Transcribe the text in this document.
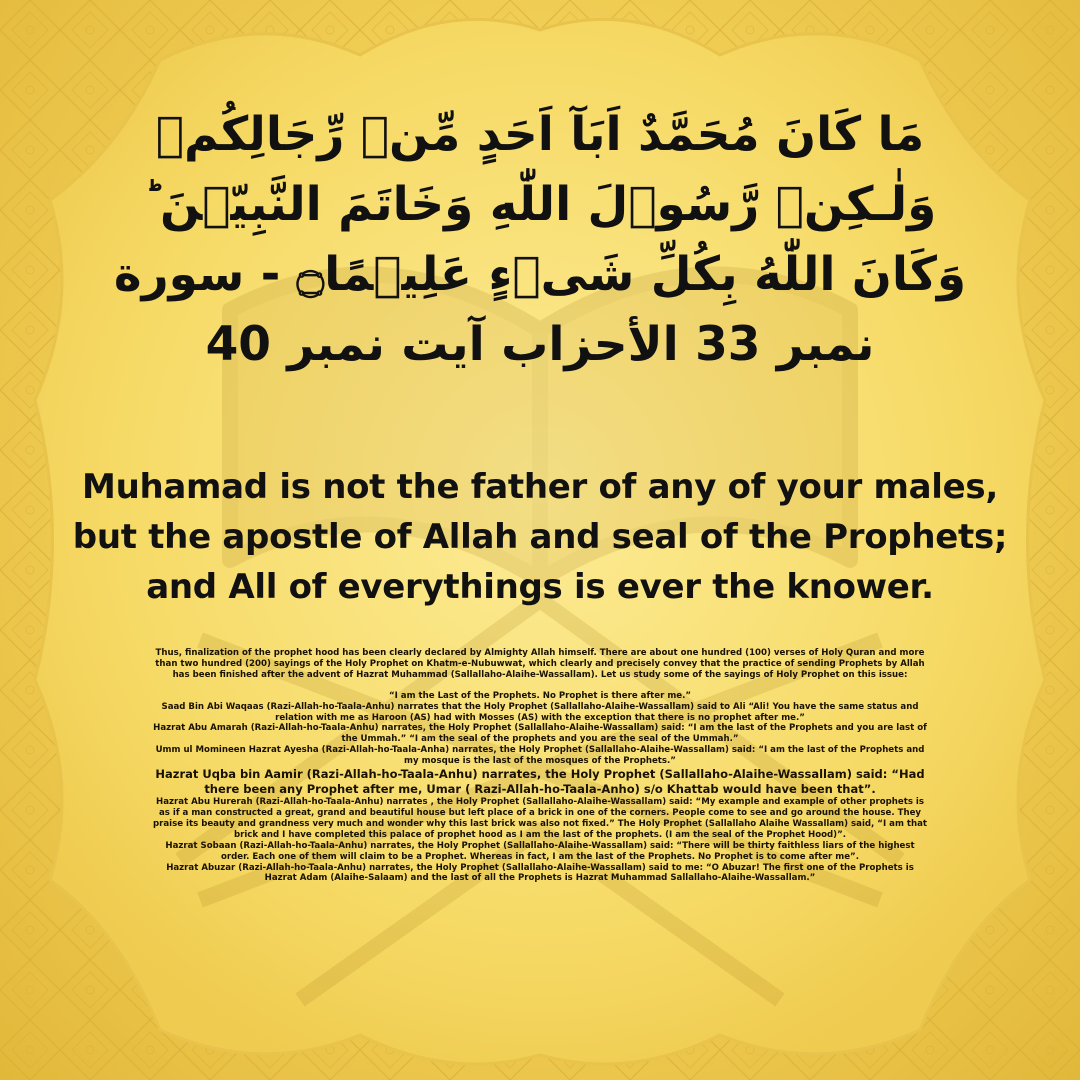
مَا كَانَ مُحَمَّدٌ اَبَآ اَحَدٍ مِّنۡ رِّجَالِكُمۡ
وَلٰـكِنۡ رَّسُوۡلَ اللّٰهِ وَخَاتَمَ النَّبِيّٖنَ ؕ
وَكَانَ اللّٰهُ بِكُلِّ شَىۡءٍ عَلِيۡمًا۝ - سورة
نمبر 33 الأحزاب آيت نمبر 40
Muhamad is not the father of any of your males,
but the apostle of Allah and seal of the Prophets;
and All of everythings is ever the knower.

Thus, finalization of the prophet hood has been clearly declared by Almighty Allah himself. There are about one hundred (100) verses of Holy Quran and more than two hundred (200) sayings of the Holy Prophet on Khatm-e-Nubuwwat, which clearly and precisely convey that the practice of sending Prophets by Allah has been finished after the advent of Hazrat Muhammad (Sallallaho-Alaihe-Wassallam). Let us study some of the sayings of Holy Prophet on this issue:

“I am the Last of the Prophets. No Prophet is there after me.”

Saad Bin Abi Waqaas (Razi-Allah-ho-Taala-Anhu) narrates that the Holy Prophet (Sallallaho-Alaihe-Wassallam) said to Ali “Ali! You have the same status and relation with me as Haroon (AS) had with Mosses (AS) with the exception that there is no prophet after me.”

Hazrat Abu Amarah (Razi-Allah-ho-Taala-Anhu) narrates, the Holy Prophet (Sallallaho-Alaihe-Wassallam) said: “I am the last of the Prophets and you are last of the Ummah.” “I am the seal of the prophets and you are the seal of the Ummah.”

Umm ul Momineen Hazrat Ayesha (Razi-Allah-ho-Taala-Anha) narrates, the Holy Prophet (Sallallaho-Alaihe-Wassallam) said: “I am the last of the Prophets and my mosque is the last of the mosques of the Prophets.”

Hazrat Uqba bin Aamir (Razi-Allah-ho-Taala-Anhu) narrates, the Holy Prophet (Sallallaho-Alaihe-Wassallam) said: “Had there been any Prophet after me, Umar ( Razi-Allah-ho-Taala-Anho) s/o Khattab would have been that”.

Hazrat Abu Hurerah (Razi-Allah-ho-Taala-Anhu) narrates , the Holy Prophet (Sallallaho-Alaihe-Wassallam) said: “My example and example of other prophets is as if a man constructed a great, grand and beautiful house but left place of a brick in one of the corners. People come to see and go around the house. They praise its beauty and grandness very much and wonder why this last brick was also not fixed.” The Holy Prophet (Sallallaho Alaihe Wassallam) said, “I am that brick and I have completed this palace of prophet hood as I am the last of the prophets. (I am the seal of the Prophet Hood)”.

Hazrat Sobaan (Razi-Allah-ho-Taala-Anhu) narrates, the Holy Prophet (Sallallaho-Alaihe-Wassallam) said: “There will be thirty faithless liars of the highest order. Each one of them will claim to be a Prophet. Whereas in fact, I am the last of the Prophets. No Prophet is to come after me”.

Hazrat Abuzar (Razi-Allah-ho-Taala-Anhu) narrates, the Holy Prophet (Sallallaho-Alaihe-Wassallam) said to me: “O Abuzar! The first one of the Prophets is Hazrat Adam (Alaihe-Salaam) and the last of all the Prophets is Hazrat Muhammad Sallallaho-Alaihe-Wassallam.”
